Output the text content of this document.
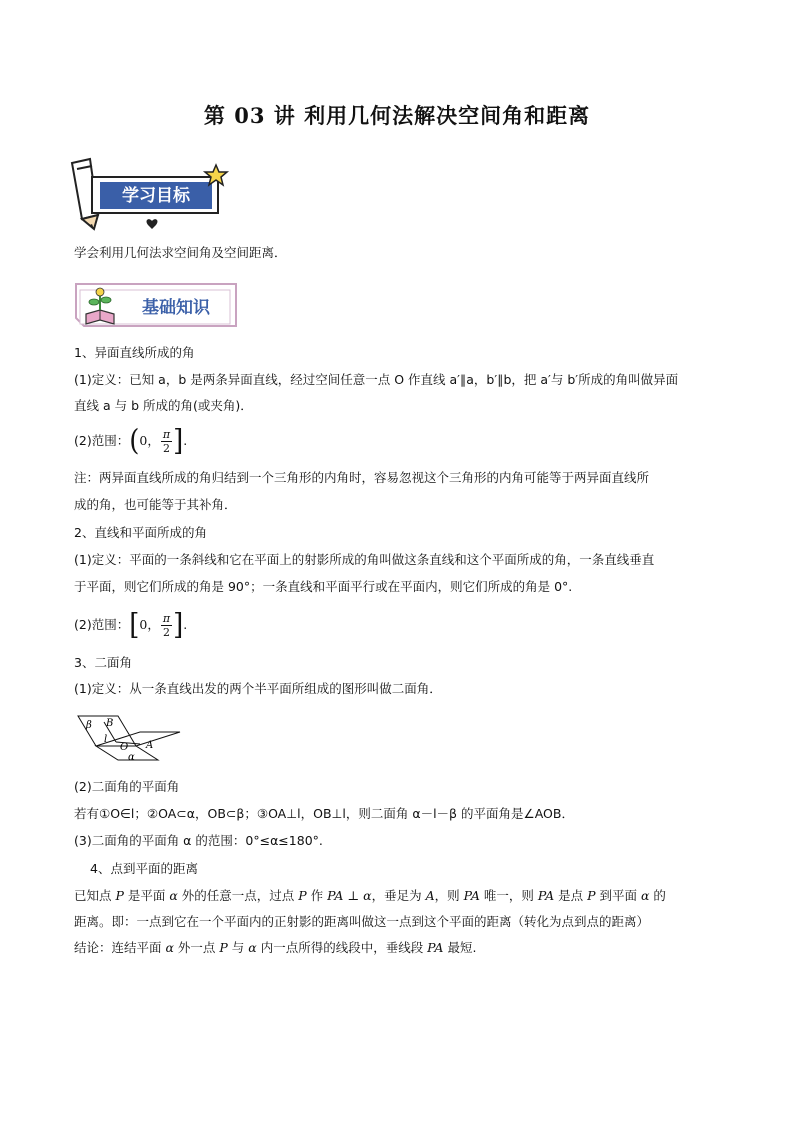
第 03 讲 利用几何法解决空间角和距离
学习目标
学会利用几何法求空间角及空间距离．
基础知识
1、异面直线所成的角
(1)定义：已知 a，b 是两条异面直线，经过空间任意一点 O 作直线 a′∥a，b′∥b，把 a′与 b′所成的角叫做异面
直线 a 与 b 所成的角(或夹角)．
(2)范围： ( 0， $\frac{\pi}{2}$ ] .
注：两异面直线所成的角归结到一个三角形的内角时，容易忽视这个三角形的内角可能等于两异面直线所
成的角，也可能等于其补角．
2、直线和平面所成的角
(1)定义：平面的一条斜线和它在平面上的射影所成的角叫做这条直线和这个平面所成的角，一条直线垂直
于平面，则它们所成的角是 90°；一条直线和平面平行或在平面内，则它们所成的角是 0°.
(2)范围： [ 0， $\frac{\pi}{2}$ ] .
3、二面角
(1)定义：从一条直线出发的两个半平面所组成的图形叫做二面角．
β B
l
O A
α
(2)二面角的平面角
若有①O∈l；②OA⊂α，OB⊂β；③OA⊥l，OB⊥l，则二面角 α－l－β 的平面角是∠AOB．
(3)二面角的平面角 α 的范围：0°≤α≤180°.
4、点到平面的距离
已知点 P 是平面 α 外的任意一点，过点 P 作 PA ⊥ α，垂足为 A，则 PA 唯一，则 PA 是点 P 到平面 α 的
距离。即：一点到它在一个平面内的正射影的距离叫做这一点到这个平面的距离（转化为点到点的距离）
结论：连结平面 α 外一点 P 与 α 内一点所得的线段中，垂线段 PA 最短.
